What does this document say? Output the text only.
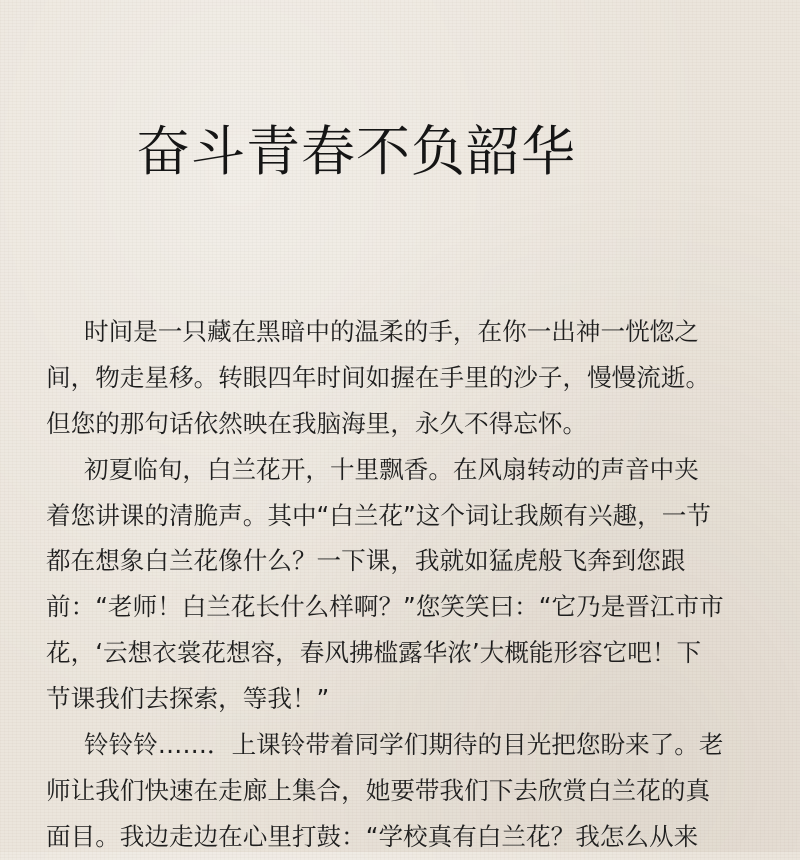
奋斗青春不负韶华
时间是一只藏在黑暗中的温柔的手，在你一出神一恍惚之
间，物走星移。转眼四年时间如握在手里的沙子，慢慢流逝。
但您的那句话依然映在我脑海里，永久不得忘怀。
初夏临旬，白兰花开，十里飘香。在风扇转动的声音中夹
着您讲课的清脆声。其中“白兰花”这个词让我颇有兴趣，一节
都在想象白兰花像什么？一下课，我就如猛虎般飞奔到您跟
前：“老师！白兰花长什么样啊？”您笑笑曰：“它乃是晋江市市
花，‘云想衣裳花想容，春风拂槛露华浓’大概能形容它吧！下
节课我们去探索，等我！”
铃铃铃……．上课铃带着同学们期待的目光把您盼来了。老
师让我们快速在走廊上集合，她要带我们下去欣赏白兰花的真
面目。我边走边在心里打鼓：“学校真有白兰花？我怎么从来
